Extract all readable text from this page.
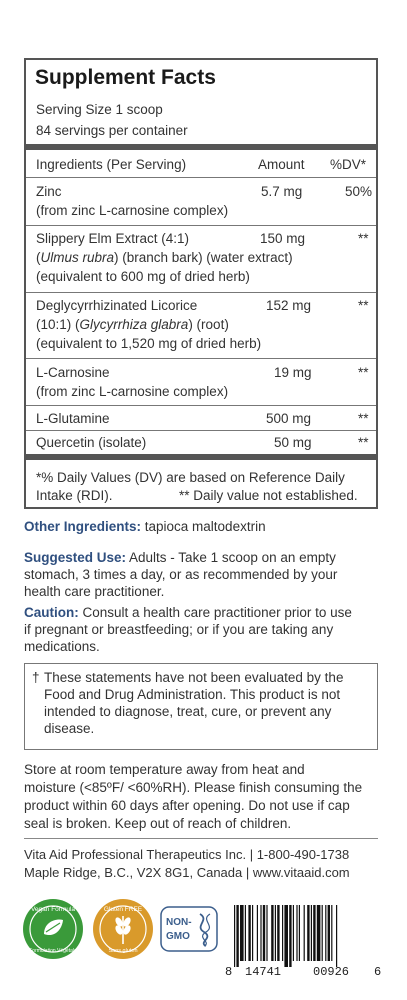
Supplement Facts
Serving Size 1 scoop
84 servings per container
Ingredients (Per Serving)	Amount %DV*
Zinc	5.7 mg	50%
(from zinc L-carnosine complex)
Slippery Elm Extract (4:1)	150 mg	**
(Ulmus rubra) (branch bark) (water extract)
(equivalent to 600 mg of dried herb)
Deglycyrrhizinated Licorice	152 mg	**
(10:1) (Glycyrrhiza glabra) (root)
(equivalent to 1,520 mg of dried herb)
L-Carnosine	19 mg	**
(from zinc L-carnosine complex)
L-Glutamine	500 mg	**
Quercetin (isolate)	50 mg	**
*% Daily Values (DV) are based on Reference Daily
Intake (RDI).	** Daily value not established.
Other Ingredients: tapioca maltodextrin
Suggested Use: Adults - Take 1 scoop on an empty
stomach, 3 times a day, or as recommended by your
health care practitioner.
Caution: Consult a health care practitioner prior to use
if pregnant or breastfeeding; or if you are taking any
medications.
† These statements have not been evaluated by the
Food and Drug Administration. This product is not
intended to diagnose, treat, cure, or prevent any
disease.
Store at room temperature away from heat and
moisture (<85ºF/ <60%RH). Please finish consuming the
product within 60 days after opening. Do not use if cap
seal is broken. Keep out of reach of children.
Vita Aid Professional Therapeutics Inc. | 1-800-490-1738
Maple Ridge, B.C., V2X 8G1, Canada | www.vitaaid.com
Vegan Formula
Formulation Végétale
Gluten FREE
Sans gluten
NON-
GMO
8 14741	00926 6
